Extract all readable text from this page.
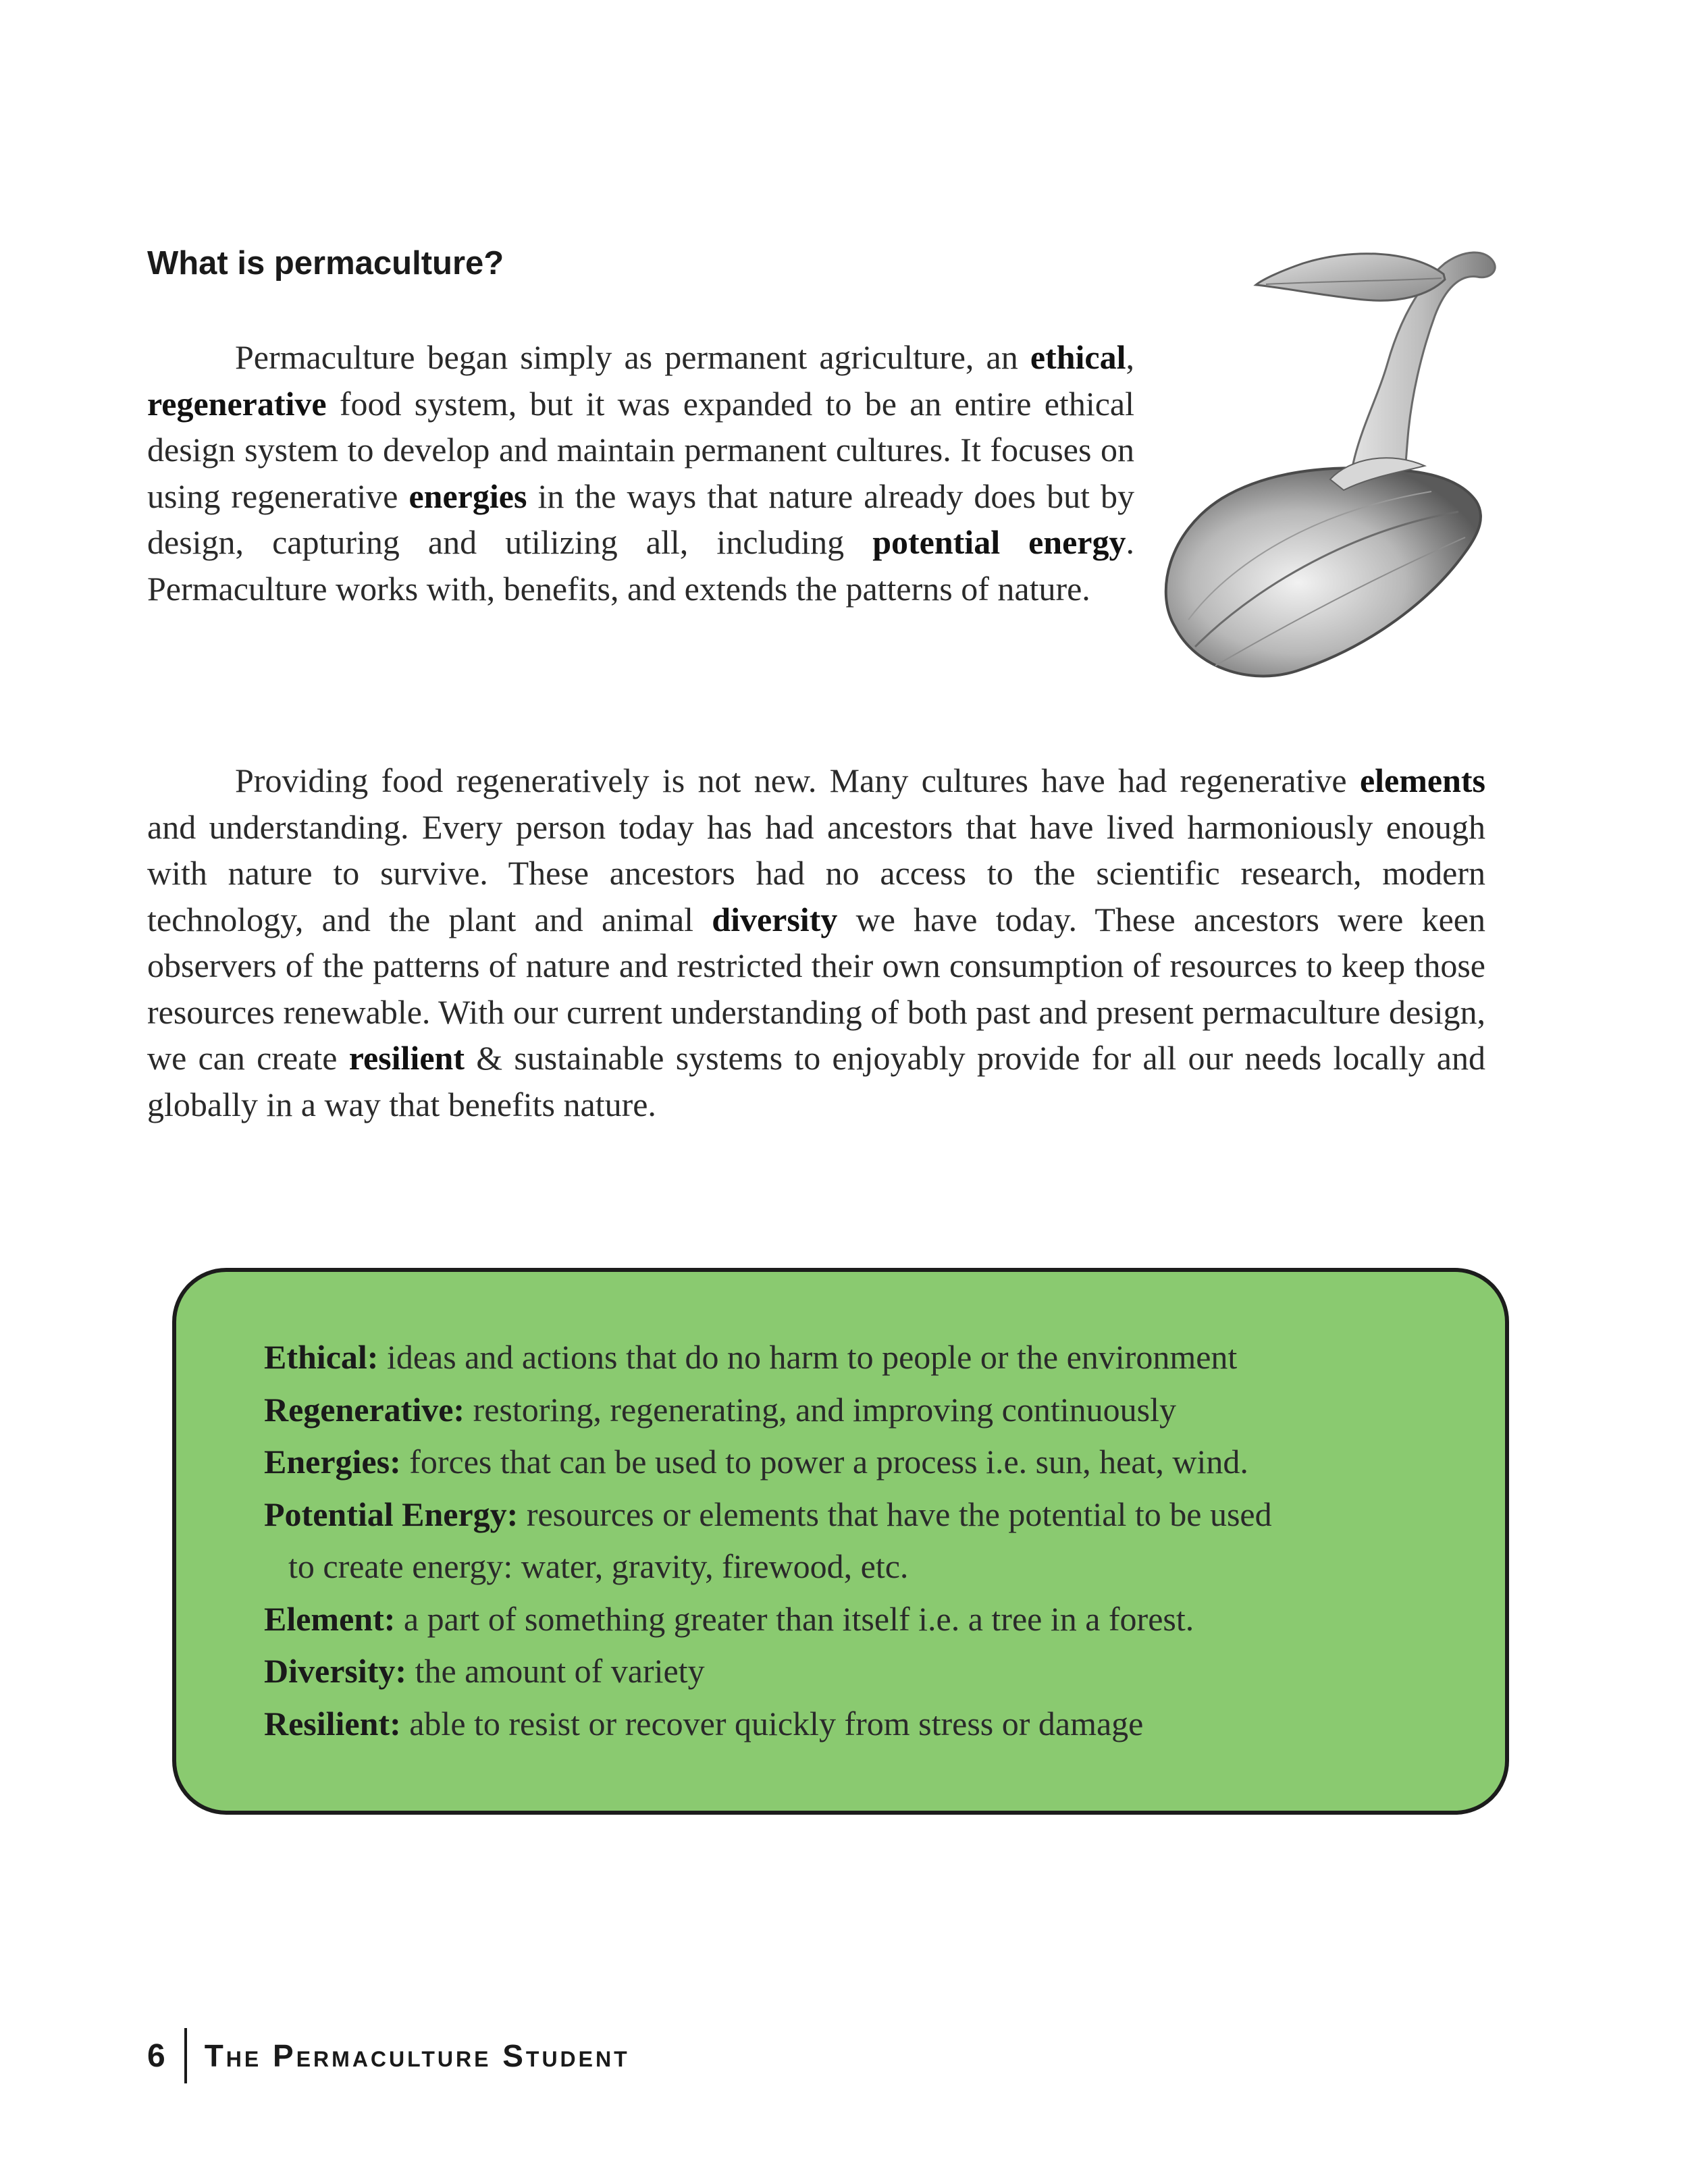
What is permaculture?

Permaculture began simply as permanent agriculture, an ethical, regenerative food system, but it was expanded to be an entire ethical design system to develop and maintain permanent cultures. It focuses on using regenerative energies in the ways that nature already does but by design, capturing and utilizing all, including potential energy. Permaculture works with, benefits, and extends the patterns of nature.

Providing food regeneratively is not new. Many cultures have had regenerative elements and understanding. Every person today has had ancestors that have lived harmoniously enough with nature to survive. These ancestors had no access to the scientific research, modern technology, and the plant and animal diversity we have today. These ancestors were keen observers of the patterns of nature and restricted their own consumption of resources to keep those resources renewable. With our current understanding of both past and present permaculture design, we can create resilient & sustainable systems to enjoyably provide for all our needs locally and globally in a way that benefits nature.

Ethical: ideas and actions that do no harm to people or the environment
Regenerative: restoring, regenerating, and improving continuously
Energies: forces that can be used to power a process i.e. sun, heat, wind.
Potential Energy: resources or elements that have the potential to be used
to create energy: water, gravity, firewood, etc.
Element: a part of something greater than itself i.e. a tree in a forest.
Diversity: the amount of variety
Resilient: able to resist or recover quickly from stress or damage
6 The Permaculture Student
